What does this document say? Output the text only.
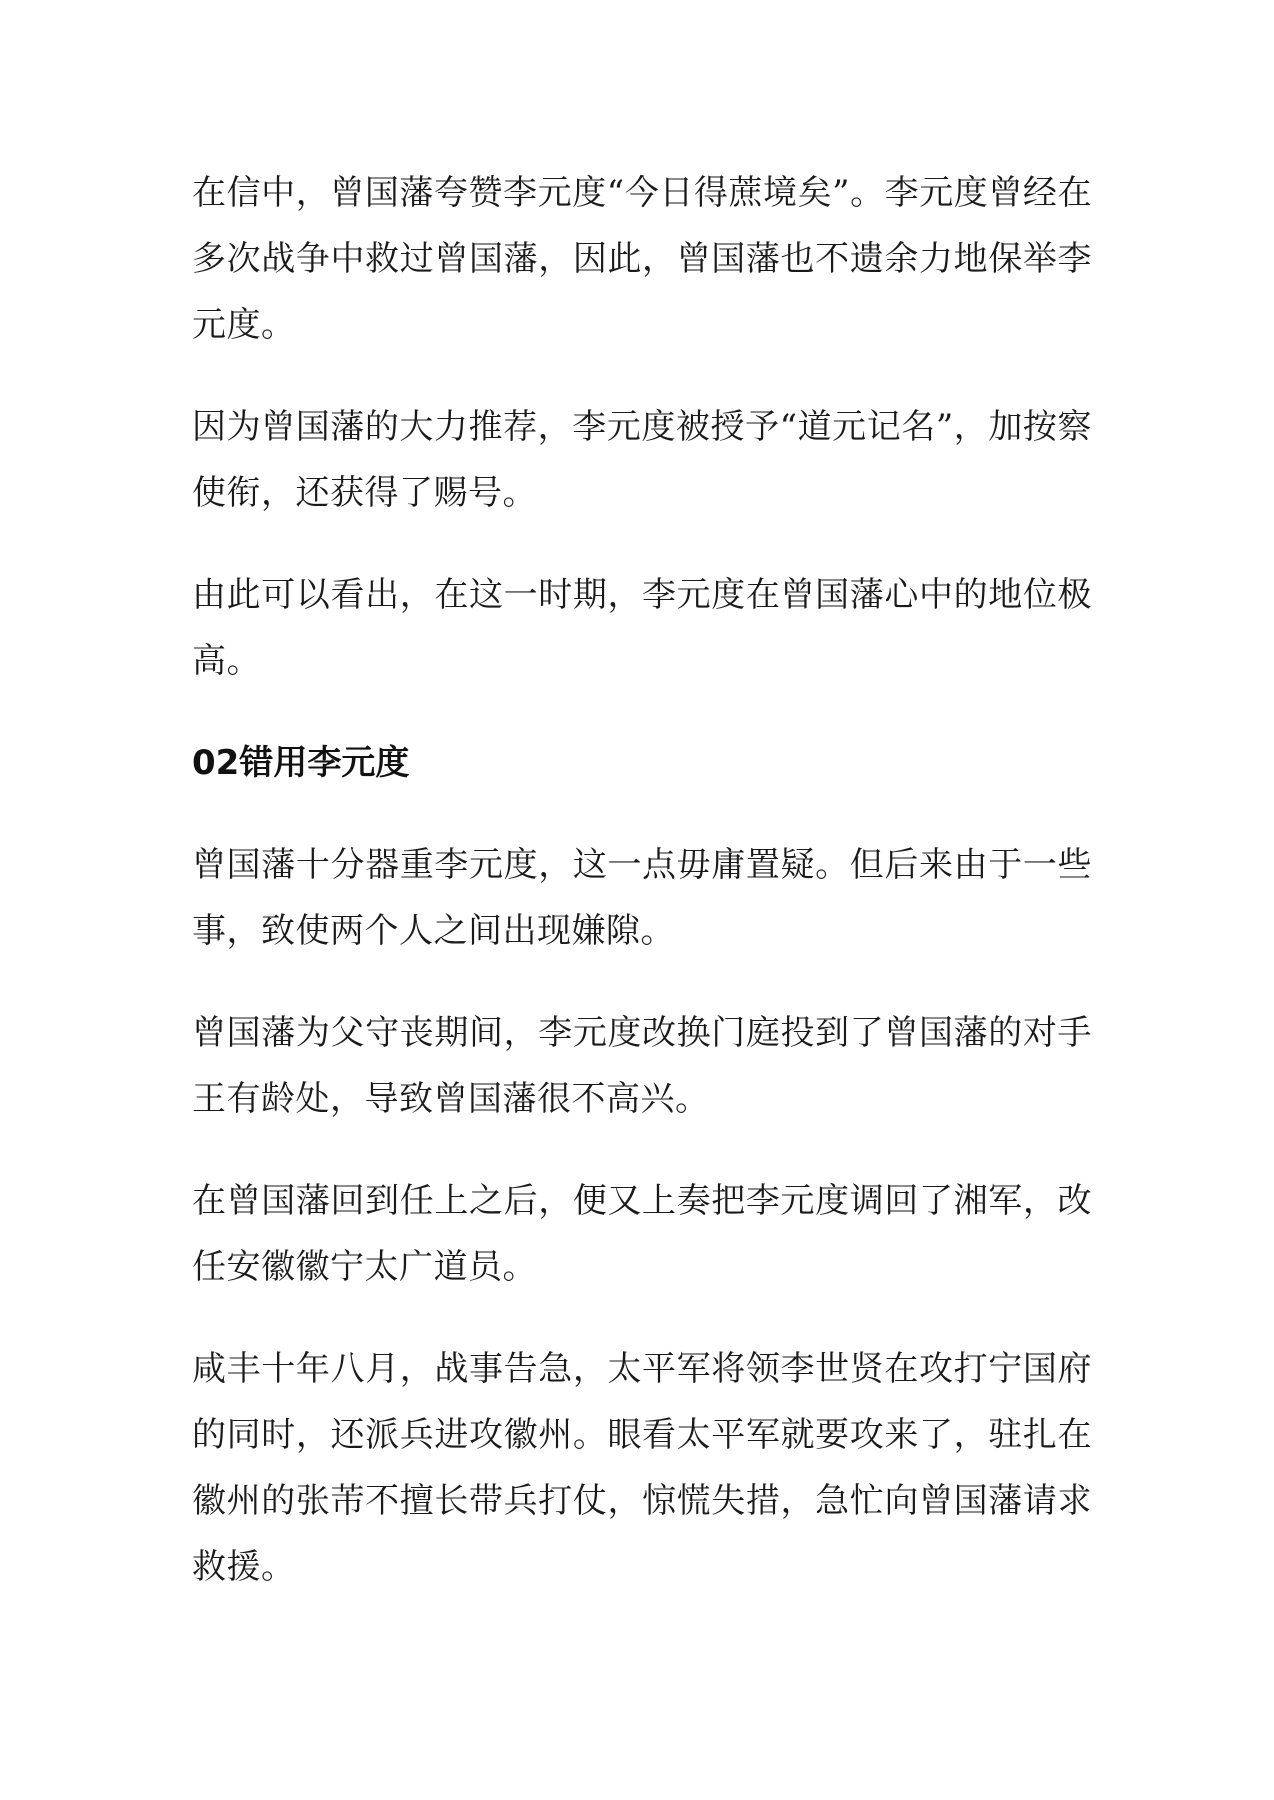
在信中，曾国藩夸赞李元度“今日得蔗境矣”。李元度曾经在多次战争中救过曾国藩，因此，曾国藩也不遗余力地保举李元度。

因为曾国藩的大力推荐，李元度被授予“道元记名”，加按察使衔，还获得了赐号。

由此可以看出，在这一时期，李元度在曾国藩心中的地位极高。

02错用李元度

曾国藩十分器重李元度，这一点毋庸置疑。但后来由于一些事，致使两个人之间出现嫌隙。

曾国藩为父守丧期间，李元度改换门庭投到了曾国藩的对手王有龄处，导致曾国藩很不高兴。

在曾国藩回到任上之后，便又上奏把李元度调回了湘军，改任安徽徽宁太广道员。

咸丰十年八月，战事告急，太平军将领李世贤在攻打宁国府的同时，还派兵进攻徽州。眼看太平军就要攻来了，驻扎在徽州的张芾不擅长带兵打仗，惊慌失措，急忙向曾国藩请求救援。
